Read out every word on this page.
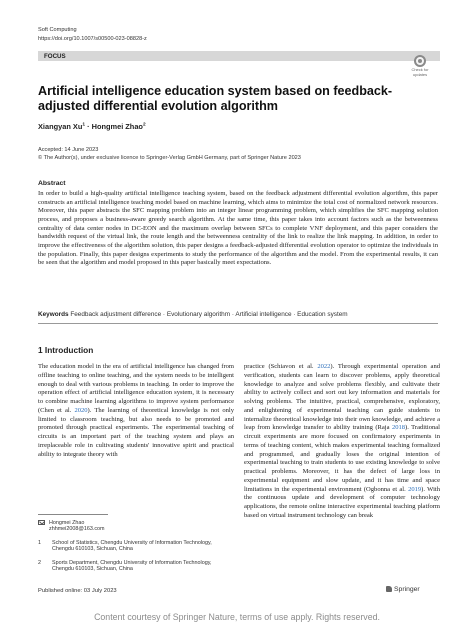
Soft Computing
https://doi.org/10.1007/s00500-023-08828-z
FOCUS
Check for
updates
Artificial intelligence education system based on feedback-adjusted differential evolution algorithm
Xiangyan $Xu^1$ · Hongmei Zhao$^2$
Accepted: 14 June 2023
© The Author(s), under exclusive licence to Springer-Verlag GmbH Germany, part of Springer Nature 2023
Abstract
In order to build a high-quality artificial intelligence teaching system, based on the feedback adjustment differential evolution algorithm, this paper constructs an artificial intelligence teaching model based on machine learning, which aims to minimize the total cost of normalized network resources. Moreover, this paper abstracts the SFC mapping problem into an integer linear programming problem, which simplifies the SFC mapping solution process, and proposes a business-aware greedy search algorithm. At the same time, this paper takes into account factors such as the betweenness centrality of data center nodes in DC-EON and the maximum overlap between SFCs to complete VNF deployment, and this paper considers the bandwidth request of the virtual link, the route length and the betweenness centrality of the link to realize the link mapping. In addition, in order to improve the effectiveness of the algorithm solution, this paper designs a feedback-adjusted differential evolution operator to optimize the individuals in the population. Finally, this paper designs experiments to study the performance of the algorithm and the model. From the experimental results, it can be seen that the algorithm and model proposed in this paper basically meet expectations.
Keywords Feedback adjustment difference · Evolutionary algorithm · Artificial intelligence · Education system
1 Introduction
The education model in the era of artificial intelligence has changed from offline teaching to online teaching, and the system needs to be intelligent enough to deal with various problems in teaching. In order to improve the operation effect of artificial intelligence education system, it is necessary to combine machine learning algorithms to improve system performance (Chen et al. 2020). The learning of theoretical knowledge is not only limited to classroom teaching, but also needs to be promoted and promoted through practical experiments. The experimental teaching of circuits is an important part of the teaching system and plays an irreplaceable role in cultivating students' innovative spirit and practical ability to integrate theory with
practice (Schiavon et al. 2022). Through experimental operation and verification, students can learn to discover problems, apply theoretical knowledge to analyze and solve problems flexibly, and cultivate their ability to actively collect and sort out key information and materials for solving problems. The intuitive, practical, comprehensive, exploratory, and enlightening of experimental teaching can guide students to internalize theoretical knowledge into their own knowledge, and achieve a leap from knowledge transfer to ability training (Raja 2018). Traditional circuit experiments are more focused on confirmatory experiments in terms of teaching content, which makes experimental teaching formalized and programmed, and gradually loses the original intention of experimental teaching to train students to use existing knowledge to solve practical problems. Moreover, it has the defect of large loss in experimental equipment and slow update, and it has time and space limitations in the experimental environment (Ogbonna et al. 2019). With the continuous update and development of computer technology applications, the remote online interactive experimental teaching platform based on virtual instrument technology can break
Hongmei Zhao
zhhmei2008@163.com
1 School of Statistics, Chengdu University of Information Technology, Chengdu 610103, Sichuan, China
2 Sports Department, Chengdu University of Information Technology, Chengdu 610103, Sichuan, China
Published online: 03 July 2023	Springer
Content courtesy of Springer Nature, terms of use apply. Rights reserved.
